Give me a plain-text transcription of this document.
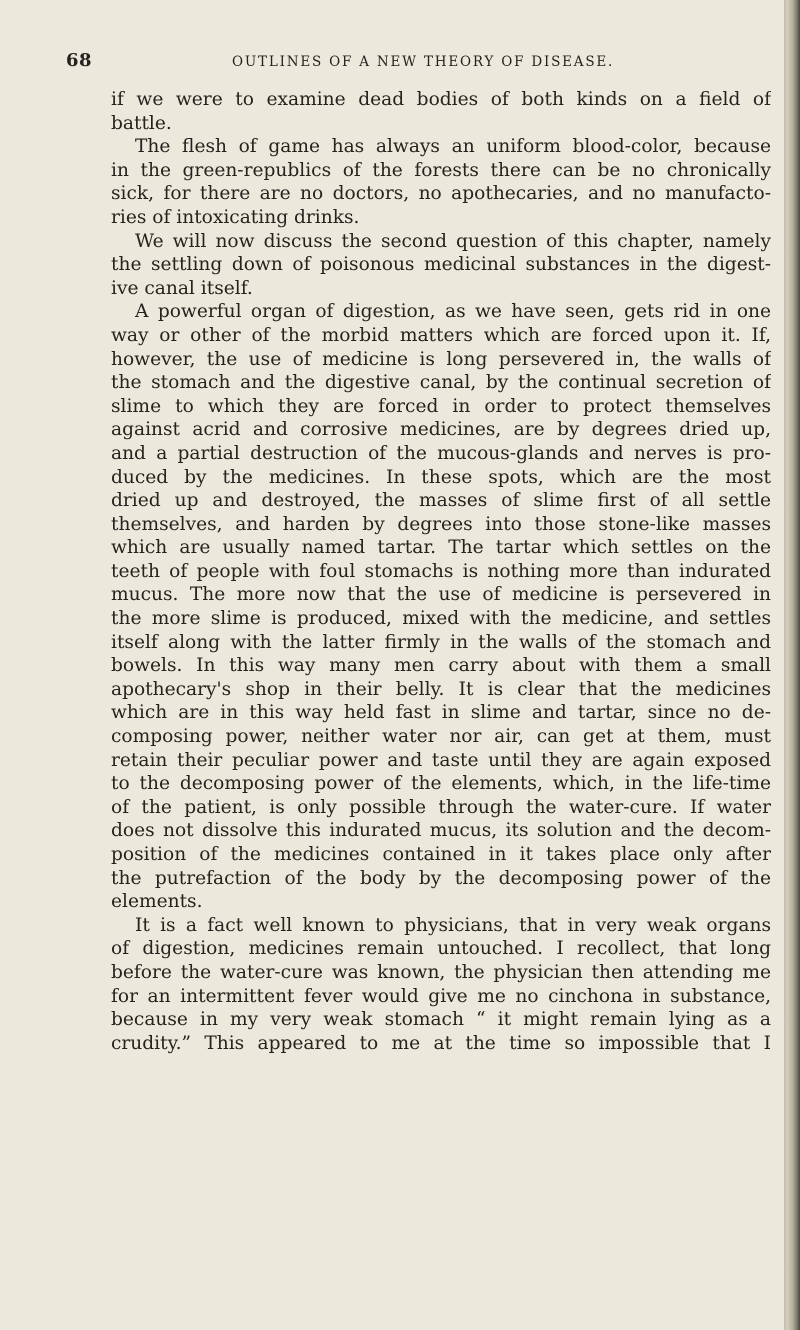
68	OUTLINES OF A NEW THEORY OF DISEASE.
if we were to examine dead bodies of both kinds on a field of
battle.
The flesh of game has always an uniform blood-color, because
in the green-republics of the forests there can be no chronically
sick, for there are no doctors, no apothecaries, and no manufacto-
ries of intoxicating drinks.
We will now discuss the second question of this chapter, namely
the settling down of poisonous medicinal substances in the digest-
ive canal itself.
A powerful organ of digestion, as we have seen, gets rid in one
way or other of the morbid matters which are forced upon it. If,
however, the use of medicine is long persevered in, the walls of
the stomach and the digestive canal, by the continual secretion of
slime to which they are forced in order to protect themselves
against acrid and corrosive medicines, are by degrees dried up,
and a partial destruction of the mucous-glands and nerves is pro-
duced by the medicines. In these spots, which are the most
dried up and destroyed, the masses of slime first of all settle
themselves, and harden by degrees into those stone-like masses
which are usually named tartar. The tartar which settles on the
teeth of people with foul stomachs is nothing more than indurated
mucus. The more now that the use of medicine is persevered in
the more slime is produced, mixed with the medicine, and settles
itself along with the latter firmly in the walls of the stomach and
bowels. In this way many men carry about with them a small
apothecary's shop in their belly. It is clear that the medicines
which are in this way held fast in slime and tartar, since no de-
composing power, neither water nor air, can get at them, must
retain their peculiar power and taste until they are again exposed
to the decomposing power of the elements, which, in the life-time
of the patient, is only possible through the water-cure. If water
does not dissolve this indurated mucus, its solution and the decom-
position of the medicines contained in it takes place only after
the putrefaction of the body by the decomposing power of the
elements.
It is a fact well known to physicians, that in very weak organs
of digestion, medicines remain untouched. I recollect, that long
before the water-cure was known, the physician then attending me
for an intermittent fever would give me no cinchona in substance,
because in my very weak stomach “ it might remain lying as a
crudity.” This appeared to me at the time so impossible that I
